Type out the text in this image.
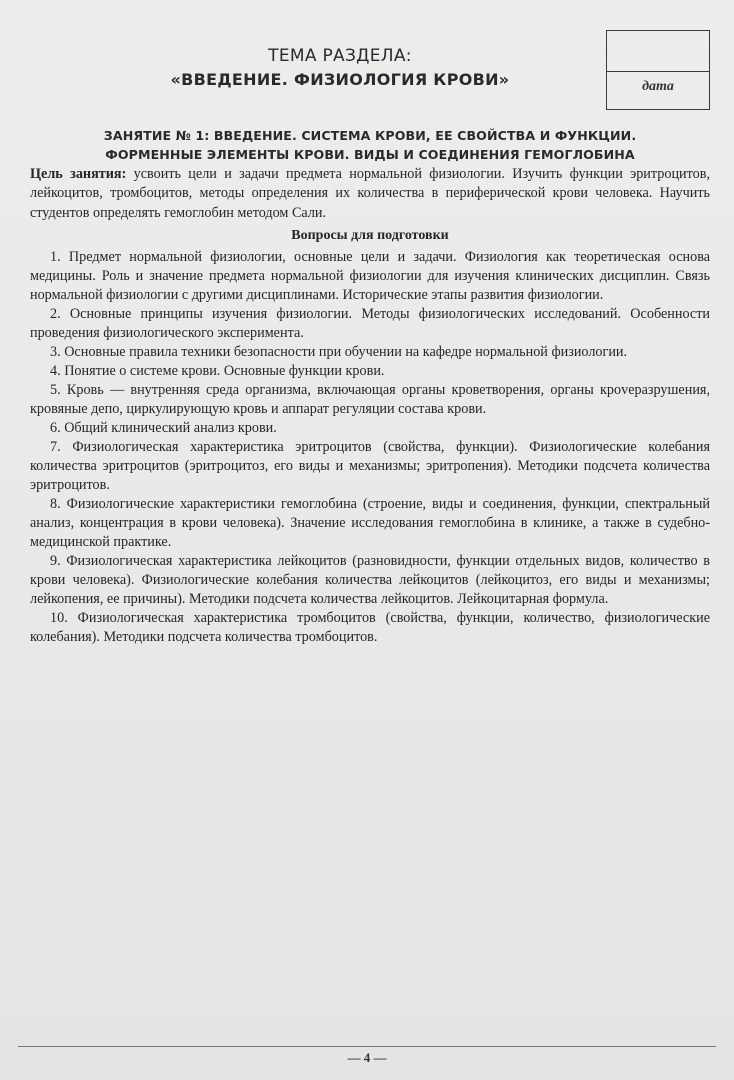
ТЕМА РАЗДЕЛА:
«ВВЕДЕНИЕ. ФИЗИОЛОГИЯ КРОВИ»	дата
ЗАНЯТИЕ № 1: ВВЕДЕНИЕ. СИСТЕМА КРОВИ, ЕЕ СВОЙСТВА И ФУНКЦИИ.
ФОРМЕННЫЕ ЭЛЕМЕНТЫ КРОВИ. ВИДЫ И СОЕДИНЕНИЯ ГЕМОГЛОБИНА
Цель занятия: усвоить цели и задачи предмета нормальной физиологии. Изучить функции эритроцитов, лейкоцитов, тромбоцитов, методы определения их количества в периферической крови человека. Научить студентов определять гемоглобин методом Сали.
Вопросы для подготовки

1. Предмет нормальной физиологии, основные цели и задачи. Физиология как теоретическая основа медицины. Роль и значение предмета нормальной физиологии для изучения клинических дисциплин. Связь нормальной физиологии с другими дисциплинами. Исторические этапы развития физиологии.

2. Основные принципы изучения физиологии. Методы физиологических исследований. Особенности проведения физиологического эксперимента.

3. Основные правила техники безопасности при обучении на кафедре нормальной физиологии.

4. Понятие о системе крови. Основные функции крови.

5. Кровь — внутренняя среда организма, включающая органы кроветворения, органы крovеразрушения, кровяные депо, циркулирующую кровь и аппарат регуляции состава крови.

6. Общий клинический анализ крови.

7. Физиологическая характеристика эритроцитов (свойства, функции). Физиологические колебания количества эритроцитов (эритроцитоз, его виды и механизмы; эритропения). Методики подсчета количества эритроцитов.

8. Физиологические характеристики гемоглобина (строение, виды и соединения, функции, спектральный анализ, концентрация в крови человека). Значение исследования гемоглобина в клинике, а также в судебно-медицинской практике.

9. Физиологическая характеристика лейкоцитов (разновидности, функции отдельных видов, количество в крови человека). Физиологические колебания количества лейкоцитов (лейкоцитоз, его виды и механизмы; лейкопения, ее причины). Методики подсчета количества лейкоцитов. Лейкоцитарная формула.

10. Физиологическая характеристика тромбоцитов (свойства, функции, количество, физиологические колебания). Методики подсчета количества тромбоцитов.

— 4 —
